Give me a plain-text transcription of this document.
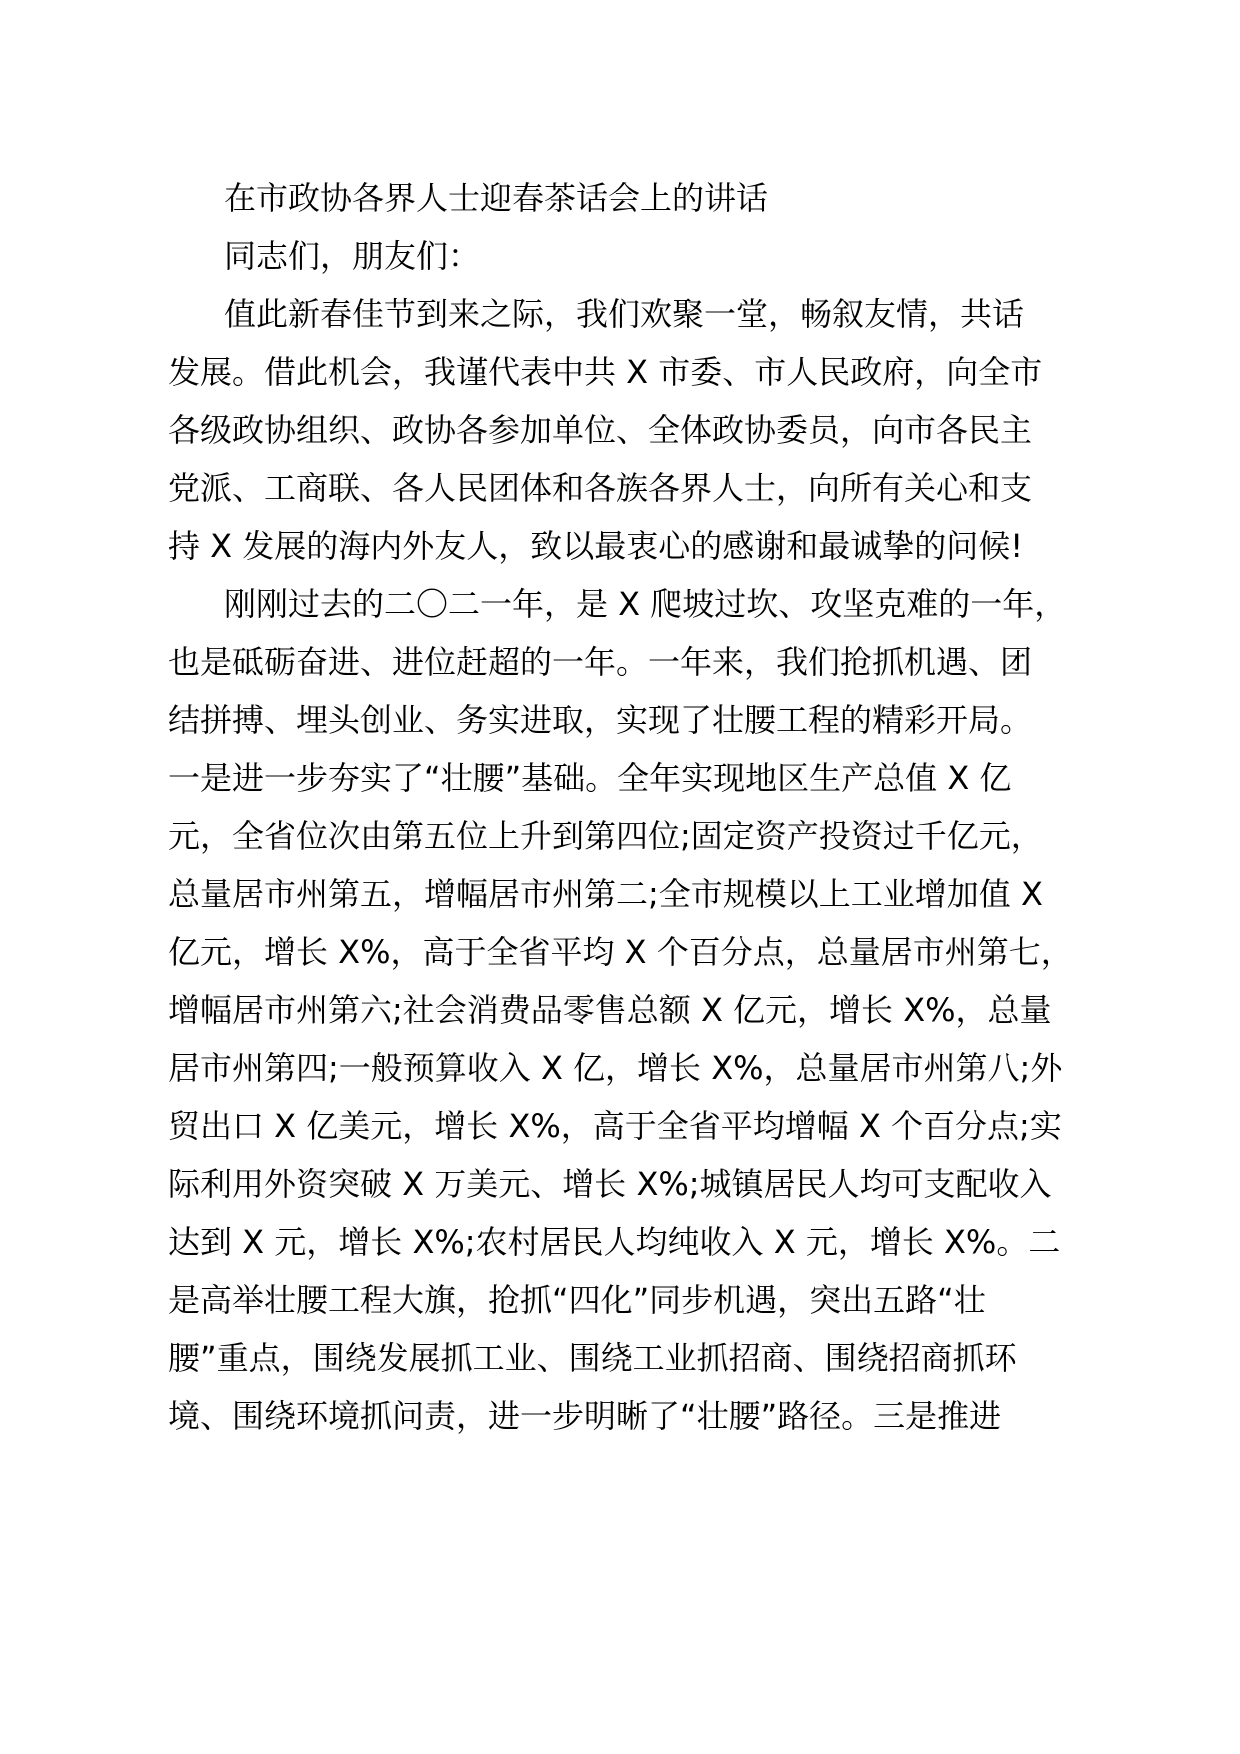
在市政协各界人士迎春茶话会上的讲话
同志们，朋友们：
值此新春佳节到来之际，我们欢聚一堂，畅叙友情，共话
发展。借此机会，我谨代表中共 X 市委、市人民政府，向全市
各级政协组织、政协各参加单位、全体政协委员，向市各民主
党派、工商联、各人民团体和各族各界人士，向所有关心和支
持 X 发展的海内外友人，致以最衷心的感谢和最诚挚的问候!
刚刚过去的二〇二一年，是 X 爬坡过坎、攻坚克难的一年，
也是砥砺奋进、进位赶超的一年。一年来，我们抢抓机遇、团
结拼搏、埋头创业、务实进取，实现了壮腰工程的精彩开局。
一是进一步夯实了“壮腰”基础。全年实现地区生产总值 X 亿
元，全省位次由第五位上升到第四位;固定资产投资过千亿元，
总量居市州第五，增幅居市州第二;全市规模以上工业增加值 X
亿元，增长 X%，高于全省平均 X 个百分点，总量居市州第七，
增幅居市州第六;社会消费品零售总额 X 亿元，增长 X%，总量
居市州第四;一般预算收入 X 亿，增长 X%，总量居市州第八;外
贸出口 X 亿美元，增长 X%，高于全省平均增幅 X 个百分点;实
际利用外资突破 X 万美元、增长 X%;城镇居民人均可支配收入
达到 X 元，增长 X%;农村居民人均纯收入 X 元，增长 X%。二
是高举壮腰工程大旗，抢抓“四化”同步机遇，突出五路“壮
腰”重点，围绕发展抓工业、围绕工业抓招商、围绕招商抓环
境、围绕环境抓问责，进一步明晰了“壮腰”路径。三是推进
